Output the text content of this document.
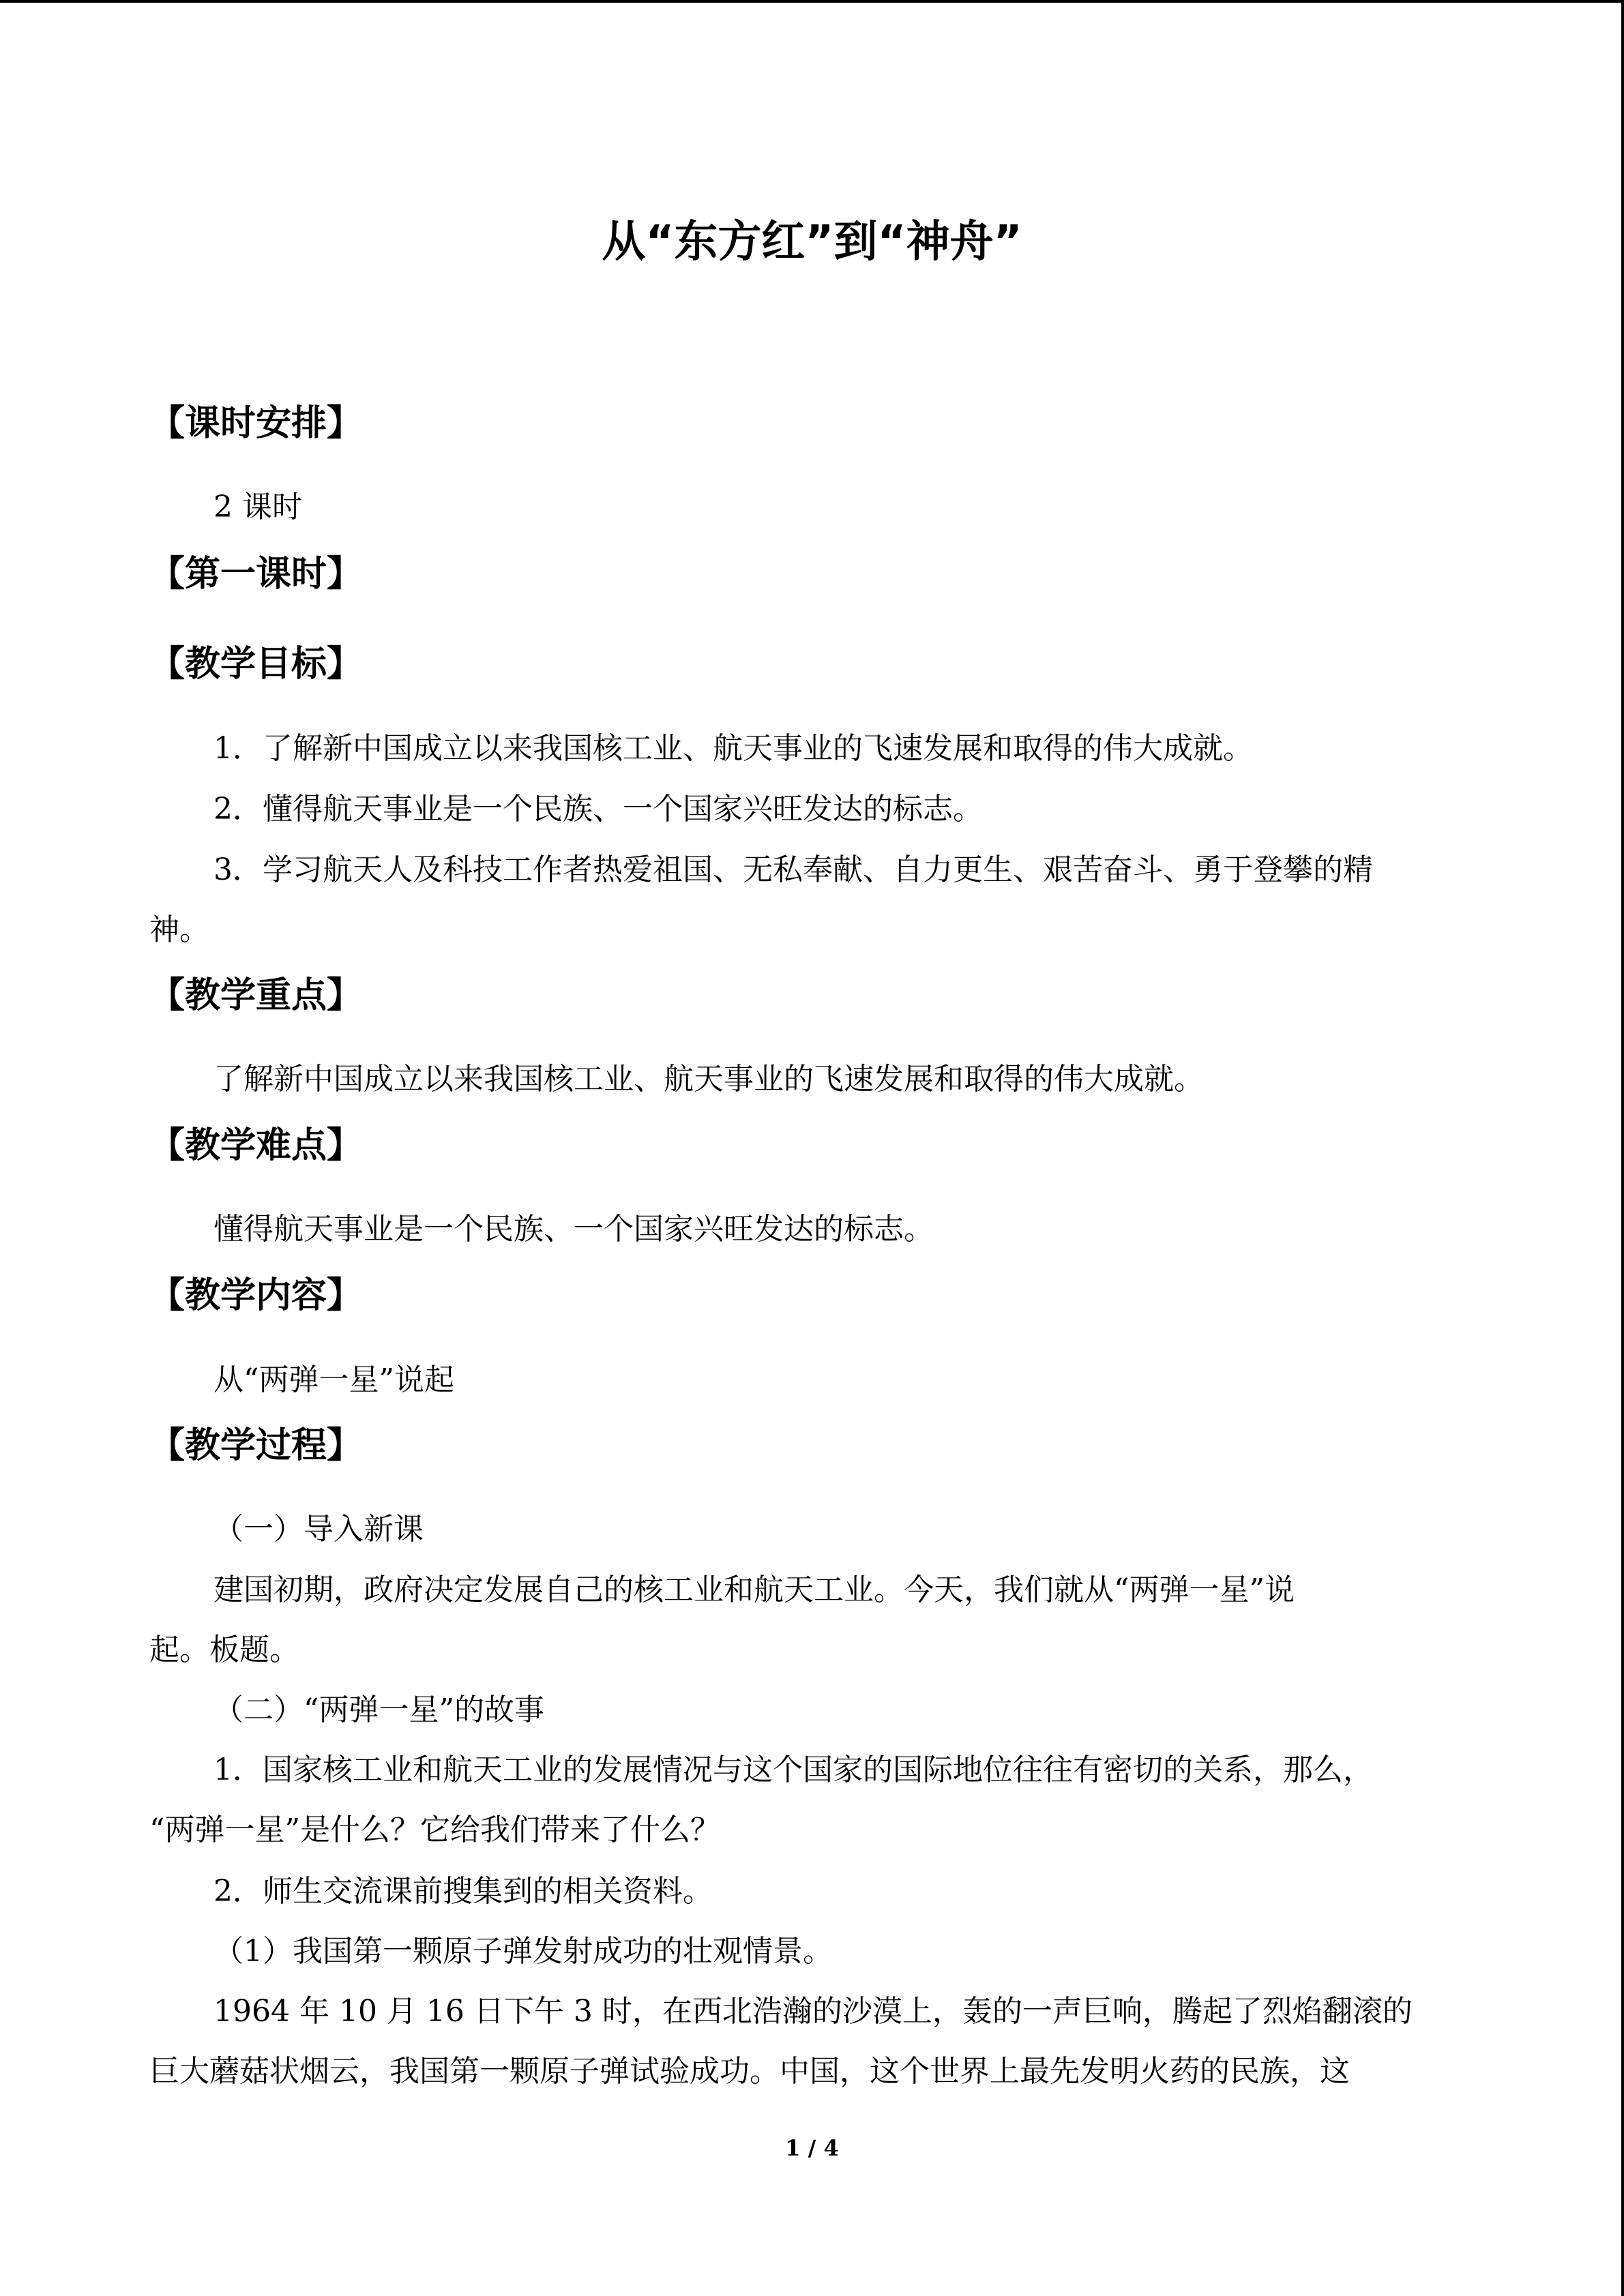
从“东方红”到“神舟”
【课时安排】
2 课时
【第一课时】
【教学目标】
1．了解新中国成立以来我国核工业、航天事业的飞速发展和取得的伟大成就。
2．懂得航天事业是一个民族、一个国家兴旺发达的标志。
3．学习航天人及科技工作者热爱祖国、无私奉献、自力更生、艰苦奋斗、勇于登攀的精
神。
【教学重点】
了解新中国成立以来我国核工业、航天事业的飞速发展和取得的伟大成就。
【教学难点】
懂得航天事业是一个民族、一个国家兴旺发达的标志。
【教学内容】
从“两弹一星”说起
【教学过程】
（一）导入新课
建国初期，政府决定发展自己的核工业和航天工业。今天，我们就从“两弹一星”说
起。板题。
（二）“两弹一星”的故事
1．国家核工业和航天工业的发展情况与这个国家的国际地位往往有密切的关系，那么，
“两弹一星”是什么？它给我们带来了什么？
2．师生交流课前搜集到的相关资料。
（1）我国第一颗原子弹发射成功的壮观情景。
1964 年 10 月 16 日下午 3 时，在西北浩瀚的沙漠上，轰的一声巨响，腾起了烈焰翻滚的
巨大蘑菇状烟云，我国第一颗原子弹试验成功。中国，这个世界上最先发明火药的民族，这
1 / 4
